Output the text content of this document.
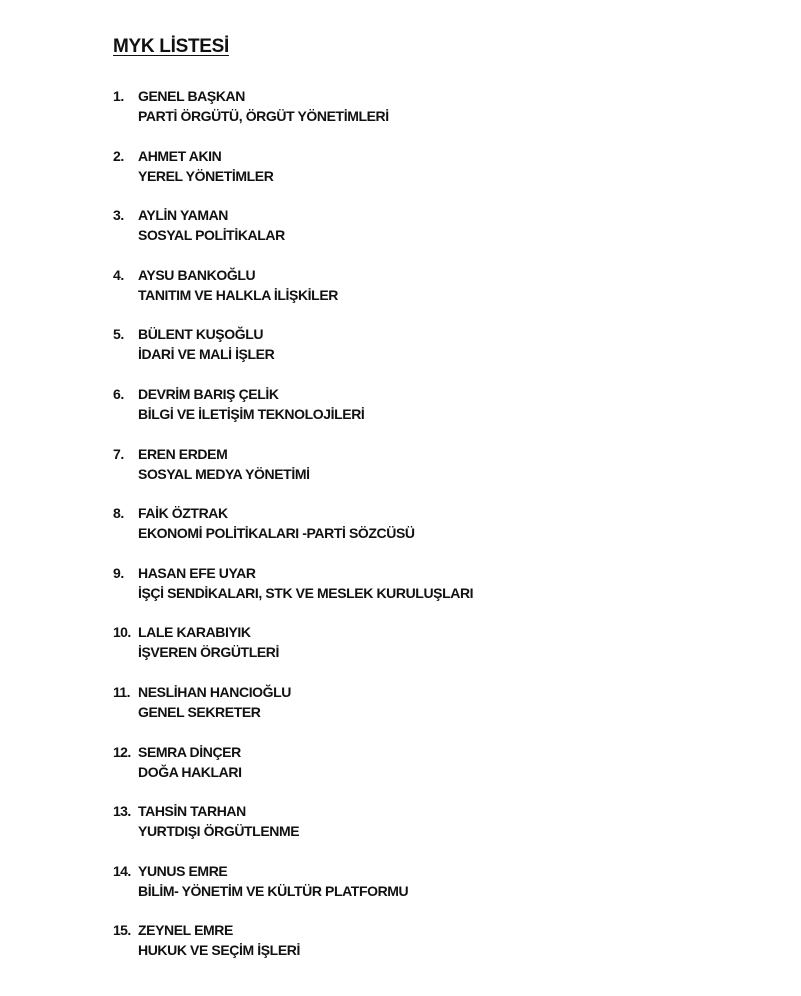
MYK LİSTESİ
1.	GENEL BAŞKAN
PARTİ ÖRGÜTÜ, ÖRGÜT YÖNETİMLERİ
2.	AHMET AKIN
YEREL YÖNETİMLER
3.	AYLİN YAMAN
SOSYAL POLİTİKALAR
4.	AYSU BANKOĞLU
TANITIM VE HALKLA İLİŞKİLER
5.	BÜLENT KUŞOĞLU
İDARİ VE MALİ İŞLER
6.	DEVRİM BARIŞ ÇELİK
BİLGİ VE İLETİŞİM TEKNOLOJİLERİ
7.	EREN ERDEM
SOSYAL MEDYA YÖNETİMİ
8.	FAİK ÖZTRAK
EKONOMİ POLİTİKALARI -PARTİ SÖZCÜSÜ
9.	HASAN EFE UYAR
İŞÇİ SENDİKALARI, STK VE MESLEK KURULUŞLARI
10. LALE KARABIYIK
İŞVEREN ÖRGÜTLERİ
11. NESLİHAN HANCIOĞLU
GENEL SEKRETER
12. SEMRA DİNÇER
DOĞA HAKLARI
13. TAHSİN TARHAN
YURTDIŞI ÖRGÜTLENME
14. YUNUS EMRE
BİLİM- YÖNETİM VE KÜLTÜR PLATFORMU
15. ZEYNEL EMRE
HUKUK VE SEÇİM İŞLERİ
